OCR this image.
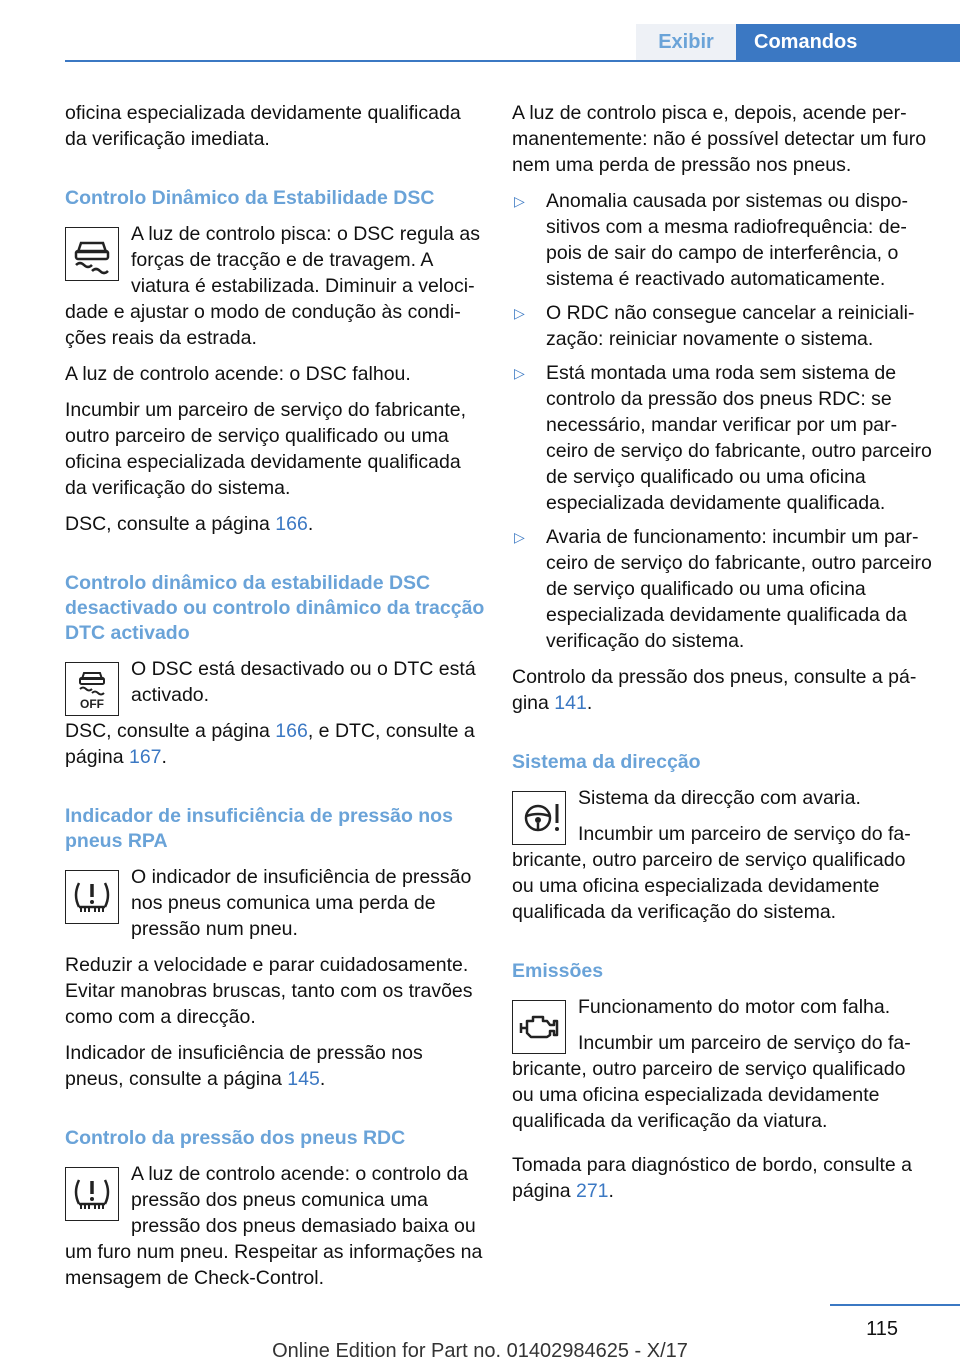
Exibir	Comandos

oficina especializada devidamente qualificada da verificação imediata.

Controlo Dinâmico da Estabilidade DSC

A luz de controlo pisca: o DSC regula as forças de tracção e de travagem. A viatura é estabilizada. Diminuir a velocidade e ajustar o modo de condução às condições reais da estrada.

A luz de controlo acende: o DSC falhou.

Incumbir um parceiro de serviço do fabricante, outro parceiro de serviço qualificado ou uma oficina especializada devidamente qualificada da verificação do sistema.

DSC, consulte a página 166.

Controlo dinâmico da estabilidade DSC desactivado ou controlo dinâmico da tracção DTC activado
OFF

O DSC está desactivado ou o DTC está activado.

DSC, consulte a página 166, e DTC, consulte a página 167.

Indicador de insuficiência de pressão nos pneus RPA

O indicador de insuficiência de pressão nos pneus comunica uma perda de pressão num pneu.

Reduzir a velocidade e parar cuidadosamente. Evitar manobras bruscas, tanto com os travões como com a direcção.

Indicador de insuficiência de pressão nos pneus, consulte a página 145.

Controlo da pressão dos pneus RDC

A luz de controlo acende: o controlo da pressão dos pneus comunica uma pressão dos pneus demasiado baixa ou um furo num pneu. Respeitar as informações na mensagem de Check-Control.

A luz de controlo pisca e, depois, acende permanentemente: não é possível detectar um furo nem uma perda de pressão nos pneus.

▷ Anomalia causada por sistemas ou dispositivos com a mesma radiofrequência: depois de sair do campo de interferência, o sistema é reactivado automaticamente.
▷ O RDC não consegue cancelar a reinicialização: reiniciar novamente o sistema.
▷ Está montada uma roda sem sistema de controlo da pressão dos pneus RDC: se necessário, mandar verificar por um parceiro de serviço do fabricante, outro parceiro de serviço qualificado ou uma oficina especializada devidamente qualificada.
▷ Avaria de funcionamento: incumbir um parceiro de serviço do fabricante, outro parceiro de serviço qualificado ou uma oficina especializada devidamente qualificada da verificação do sistema.

Controlo da pressão dos pneus, consulte a página 141.

Sistema da direcção

Sistema da direcção com avaria.

Incumbir um parceiro de serviço do fabricante, outro parceiro de serviço qualificado ou uma oficina especializada devidamente qualificada da verificação do sistema.

Emissões

Funcionamento do motor com falha.

Incumbir um parceiro de serviço do fabricante, outro parceiro de serviço qualificado ou uma oficina especializada devidamente qualificada da verificação da viatura.

Tomada para diagnóstico de bordo, consulte a página 271.

115
Online Edition for Part no. 01402984625 - X/17
